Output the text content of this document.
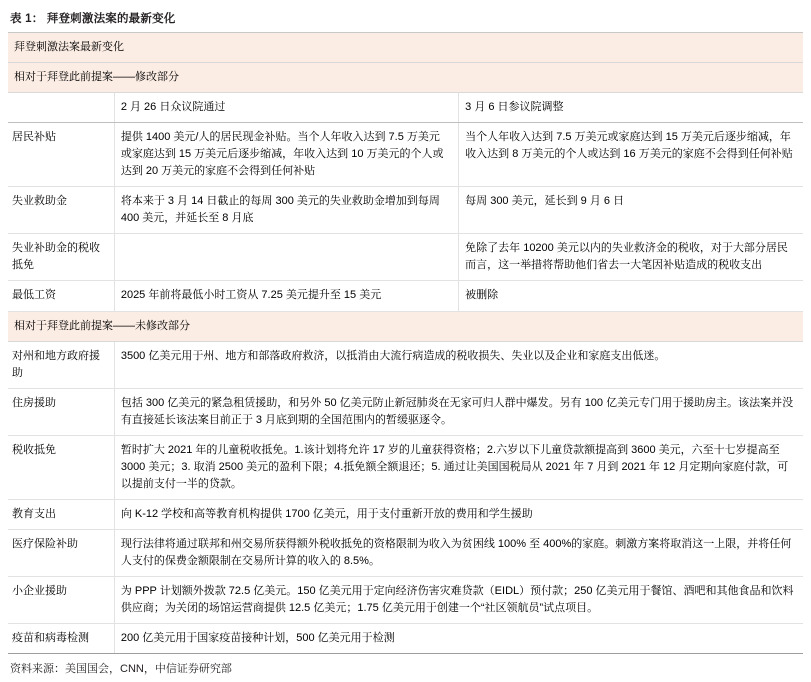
表 1： 拜登刺激法案的最新变化
拜登刺激法案最新变化		
相对于拜登此前提案——修改部分		
	2 月 26 日众议院通过	3 月 6 日参议院调整
居民补贴	提供 1400 美元/人的居民现金补贴。当个人年收入达到 7.5 万美元或家庭达到 15 万美元后逐步缩减，年收入达到 10 万美元的个人或达到 20 万美元的家庭不会得到任何补贴	当个人年收入达到 7.5 万美元或家庭达到 15 万美元后逐步缩减，年收入达到 8 万美元的个人或达到 16 万美元的家庭不会得到任何补贴
失业救助金	将本来于 3 月 14 日截止的每周 300 美元的失业救助金增加到每周 400 美元，并延长至 8 月底	每周 300 美元，延长到 9 月 6 日
失业补助金的税收抵免		免除了去年 10200 美元以内的失业救济金的税收，对于大部分居民而言，这一举措将帮助他们省去一大笔因补贴造成的税收支出
最低工资	2025 年前将最低小时工资从 7.25 美元提升至 15 美元	被删除
相对于拜登此前提案——未修改部分		
对州和地方政府援助	3500 亿美元用于州、地方和部落政府救济，以抵消由大流行病造成的税收损失、失业以及企业和家庭支出低迷。	
住房援助	包括 300 亿美元的紧急租赁援助，和另外 50 亿美元防止新冠肺炎在无家可归人群中爆发。另有 100 亿美元专门用于援助房主。该法案并没有直接延长该法案目前正于 3 月底到期的全国范围内的暂缓驱逐令。	
税收抵免	暂时扩大 2021 年的儿童税收抵免。1.该计划将允许 17 岁的儿童获得资格；2.六岁以下儿童贷款额提高到 3600 美元，六至十七岁提高至 3000 美元；3. 取消 2500 美元的盈利下限；4.抵免额全额退还；5. 通过让美国国税局从 2021 年 7 月到 2021 年 12 月定期向家庭付款，可以提前支付一半的贷款。	
教育支出	向 K-12 学校和高等教育机构提供 1700 亿美元，用于支付重新开放的费用和学生援助	
医疗保险补助	现行法律将通过联邦和州交易所获得额外税收抵免的资格限制为收入为贫困线 100% 至 400%的家庭。刺激方案将取消这一上限，并将任何人支付的保费金额限制在交易所计算的收入的 8.5%。	
小企业援助	为 PPP 计划额外拨款 72.5 亿美元。150 亿美元用于定向经济伤害灾难贷款（EIDL）预付款；250 亿美元用于餐馆、酒吧和其他食品和饮料供应商；为关闭的场馆运营商提供 12.5 亿美元；1.75 亿美元用于创建一个“社区领航员”试点项目。	
疫苗和病毒检测	200 亿美元用于国家疫苗接种计划，500 亿美元用于检测	
资料来源：美国国会，CNN，中信证券研究部
